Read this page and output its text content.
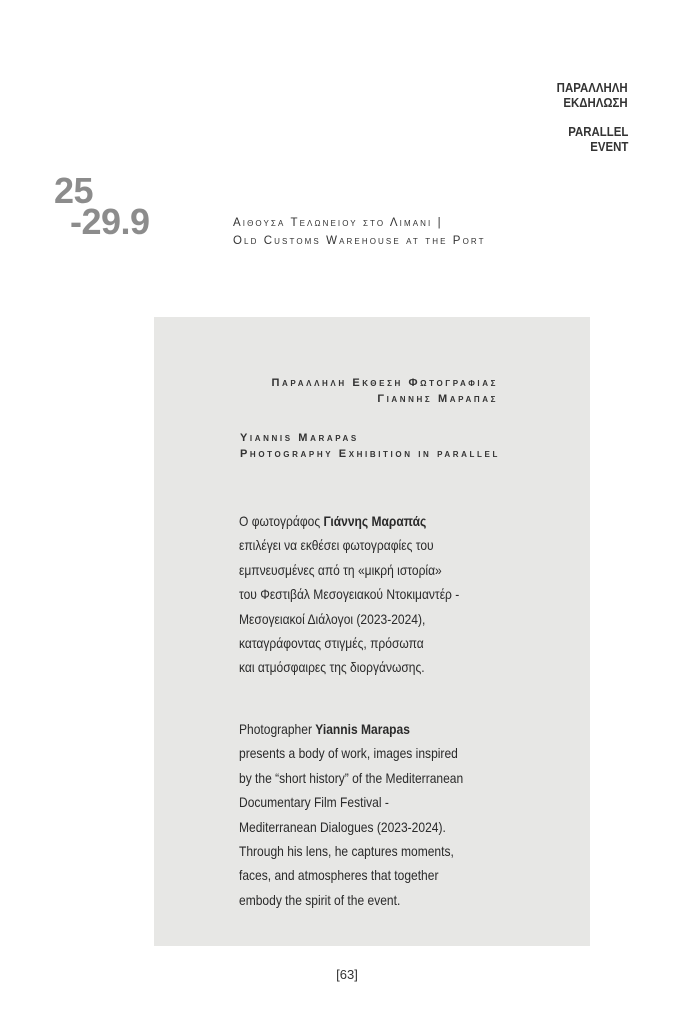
ΠΑΡΑΛΛΗΛΗ
ΕΚΔΗΛΩΣΗ
PARALLEL
EVENT
25
-29.9	Αιθουσα Τελωνειου στο Λιμανι |
Old Customs Warehouse at the Port
Παραλληλη Εκθεση Φωτογραφιας
Γιαννης Μαραπας
Yiannis Marapas
Photography Exhibition in parallel
Ο φωτογράφος Γιάννης Μαραπάς
επιλέγει να εκθέσει φωτογραφίες του
εμπνευσμένες από τη «μικρή ιστορία»
του Φεστιβάλ Μεσογειακού Ντοκιμαντέρ -
Μεσογειακοί Διάλογοι (2023-2024),
καταγράφοντας στιγμές, πρόσωπα
και ατμόσφαιρες της διοργάνωσης.
Photographer Yiannis Marapas
presents a body of work, images inspired
by the “short history” of the Mediterranean
Documentary Film Festival -
Mediterranean Dialogues (2023-2024).
Through his lens, he captures moments,
faces, and atmospheres that together
embody the spirit of the event.
[63]
